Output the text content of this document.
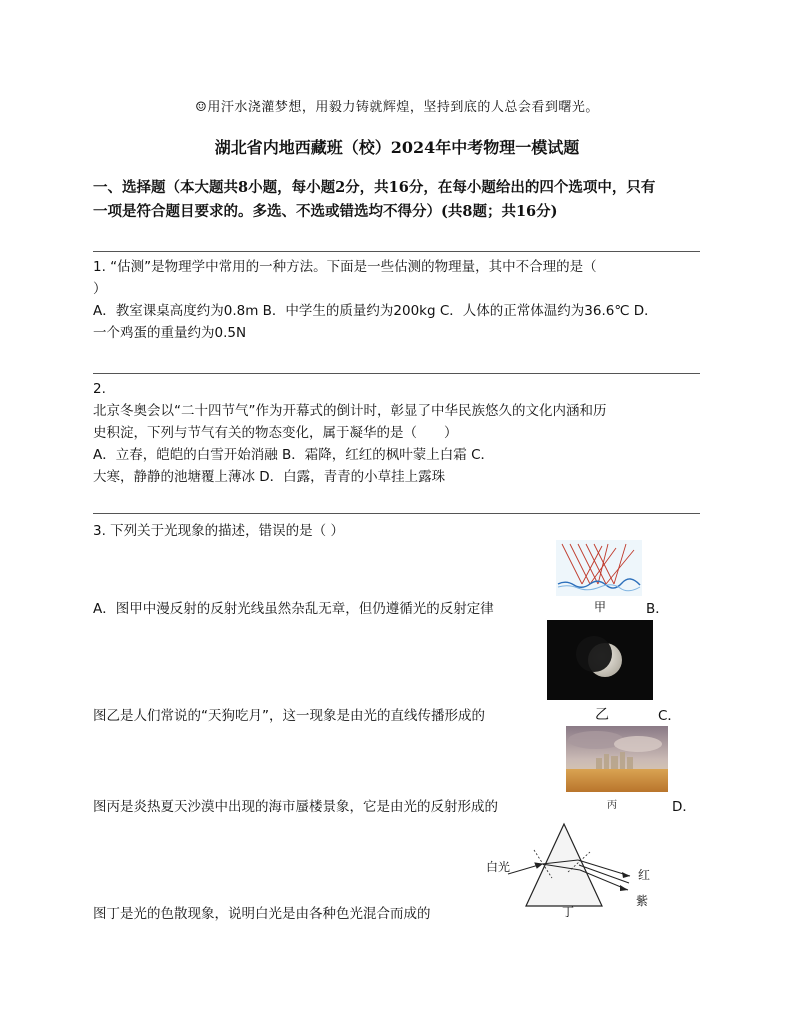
☺用汗水浇灌梦想，用毅力铸就辉煌，坚持到底的人总会看到曙光。
湖北省内地西藏班（校）2024年中考物理一模试题
一、选择题（本大题共8小题，每小题2分，共16分，在每小题给出的四个选项中，只有
一项是符合题目要求的。多选、不选或错选均不得分）(共8题；共16分)

1. “估测”是物理学中常用的一种方法。下面是一些估测的物理量，其中不合理的是（

）

A．教室课桌高度约为0.8m B．中学生的质量约为200kg C．人体的正常体温约为36.6℃ D．

一个鸡蛋的重量约为0.5N

2.

北京冬奥会以“二十四节气”作为开幕式的倒计时，彰显了中华民族悠久的文化内涵和历

史积淀，下列与节气有关的物态变化，属于凝华的是（　　）

A．立春，皑皑的白雪开始消融 B．霜降，红红的枫叶蒙上白霜 C．

大寒，静静的池塘覆上薄冰 D．白露，青青的小草挂上露珠

3. 下列关于光现象的描述，错误的是（ ）
甲
A．图甲中漫反射的反射光线虽然杂乱无章，但仍遵循光的反射定律	B．
乙
图乙是人们常说的“天狗吃月”，这一现象是由光的直线传播形成的	C．
丙
图丙是炎热夏天沙漠中出现的海市蜃楼景象，它是由光的反射形成的	D．
白光
红
紫
丁
图丁是光的色散现象，说明白光是由各种色光混合而成的
